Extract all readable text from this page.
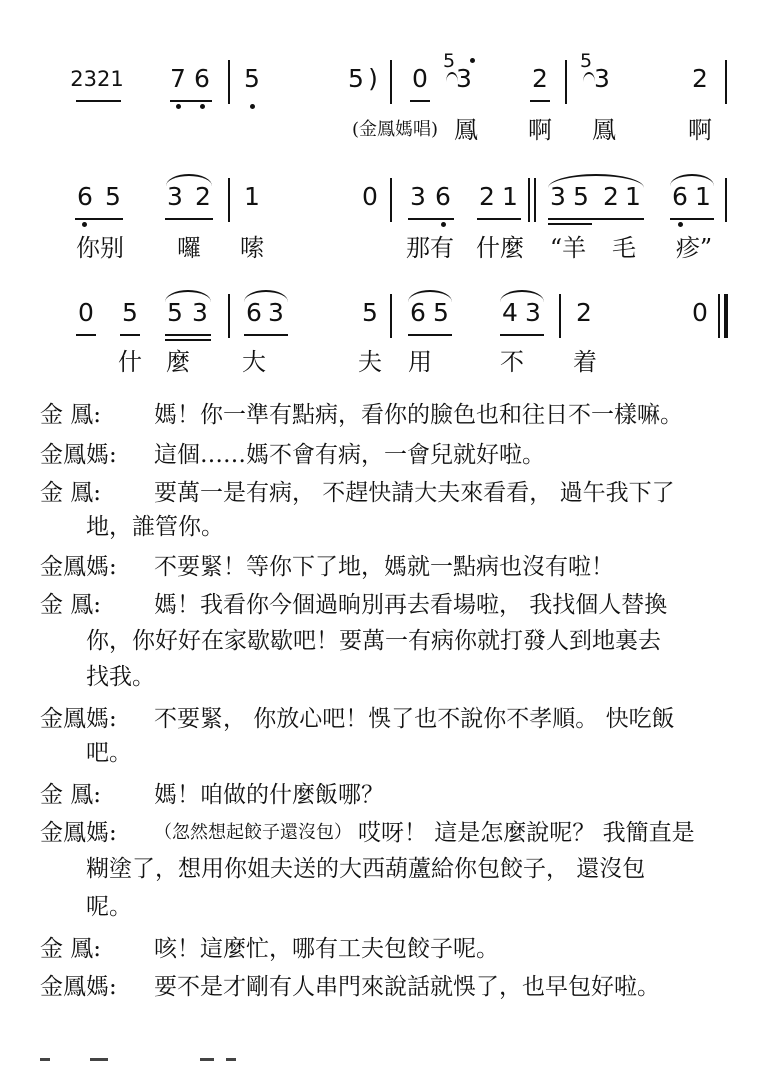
2321 7 6 5	5 ) 0
5
3 2
5
3	2
(金鳳媽唱) 鳳 啊 鳳	啊
6 5 3 2 1	0 3 6 2 1 3 5 2 1 6 1
你别 囉 嗦	那有 什麼 “羊 毛 疹”
0 5 5 3 6 3	5 6 5 4 3 2	0
什 麼 大	夫 用	不 着
金 鳳:	媽！你一準有點病，看你的臉色也和往日不一樣嘛。
金鳳媽:	這個……媽不會有病，一會兒就好啦。
金 鳳:	要萬一是有病， 不趕快請大夫來看看， 過午我下了
地，誰管你。
金鳳媽:	不要緊！等你下了地，媽就一點病也沒有啦！
金 鳳:	媽！我看你今個過晌別再去看場啦， 我找個人替換
你，你好好在家歇歇吧！要萬一有病你就打發人到地裏去
找我。
金鳳媽:	不要緊， 你放心吧！悞了也不說你不孝順。 快吃飯
吧。
金 鳳:	媽！咱做的什麼飯哪？
金鳳媽:	（忽然想起餃子還沒包） 哎呀！ 這是怎麼說呢？ 我簡直是
糊塗了，想用你姐夫送的大西葫蘆給你包餃子， 還沒包
呢。
金 鳳:	咳！這麼忙，哪有工夫包餃子呢。
金鳳媽:	要不是才剛有人串門來說話就悞了，也早包好啦。
